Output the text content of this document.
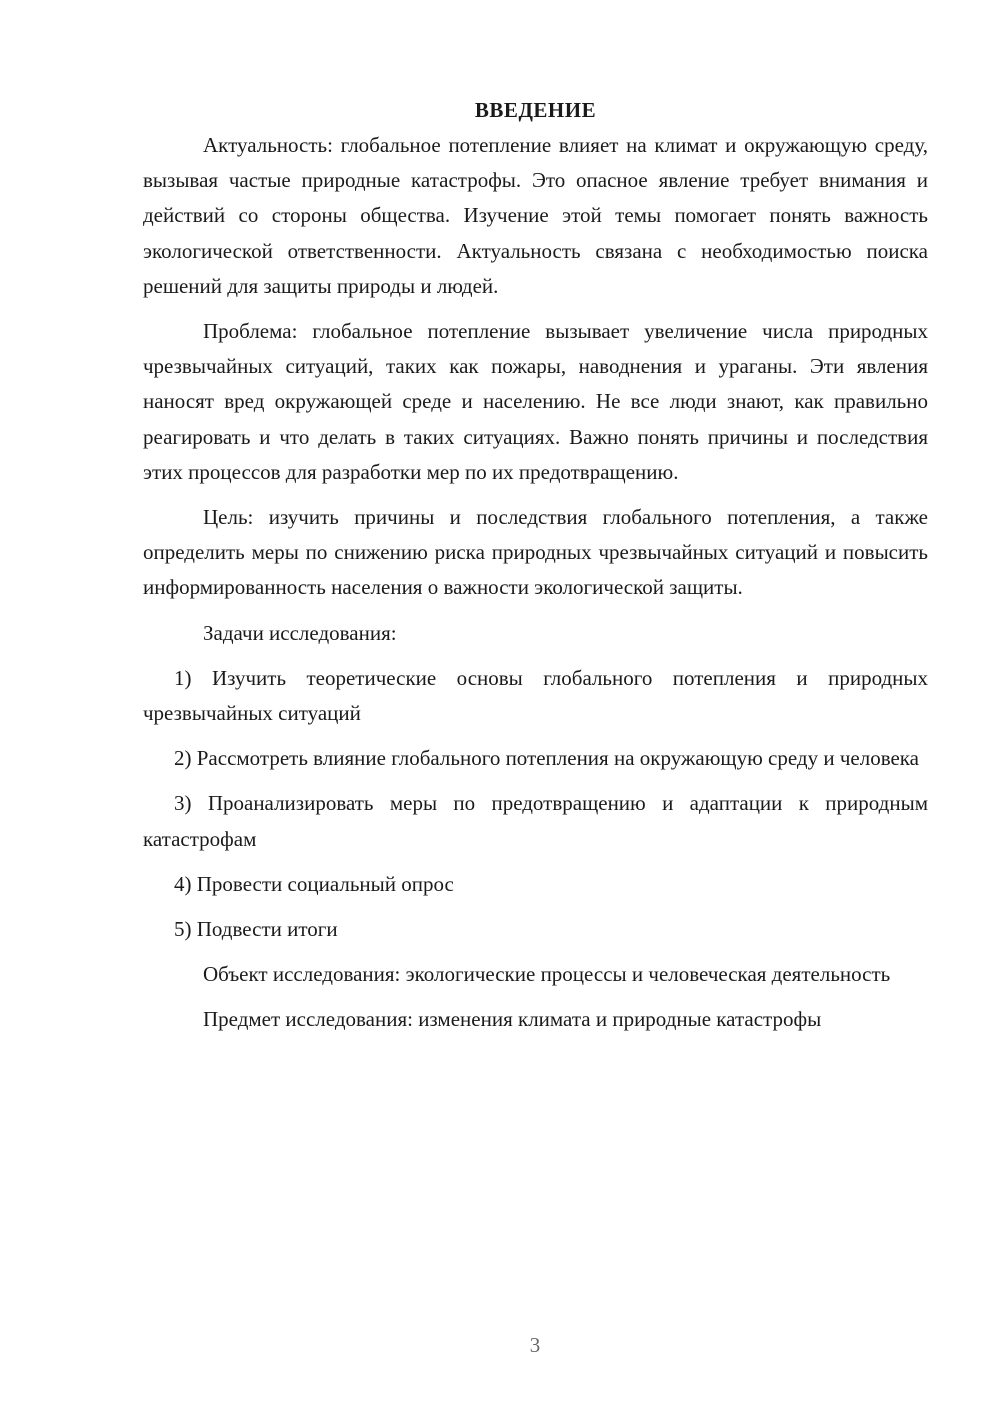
ВВЕДЕНИЕ

Актуальность: глобальное потепление влияет на климат и окружающую среду, вызывая частые природные катастрофы. Это опасное явление требует внимания и действий со стороны общества. Изучение этой темы помогает понять важность экологической ответственности. Актуальность связана с необходимостью поиска решений для защиты природы и людей.

Проблема: глобальное потепление вызывает увеличение числа природных чрезвычайных ситуаций, таких как пожары, наводнения и ураганы. Эти явления наносят вред окружающей среде и населению. Не все люди знают, как правильно реагировать и что делать в таких ситуациях. Важно понять причины и последствия этих процессов для разработки мер по их предотвращению.

Цель: изучить причины и последствия глобального потепления, а также определить меры по снижению риска природных чрезвычайных ситуаций и повысить информированность населения о важности экологической защиты.

Задачи исследования:

1) Изучить теоретические основы глобального потепления и природных чрезвычайных ситуаций

2) Рассмотреть влияние глобального потепления на окружающую среду и человека

3) Проанализировать меры по предотвращению и адаптации к природным катастрофам

4) Провести социальный опрос

5) Подвести итоги

Объект исследования: экологические процессы и человеческая деятельность

Предмет исследования: изменения климата и природные катастрофы

3
